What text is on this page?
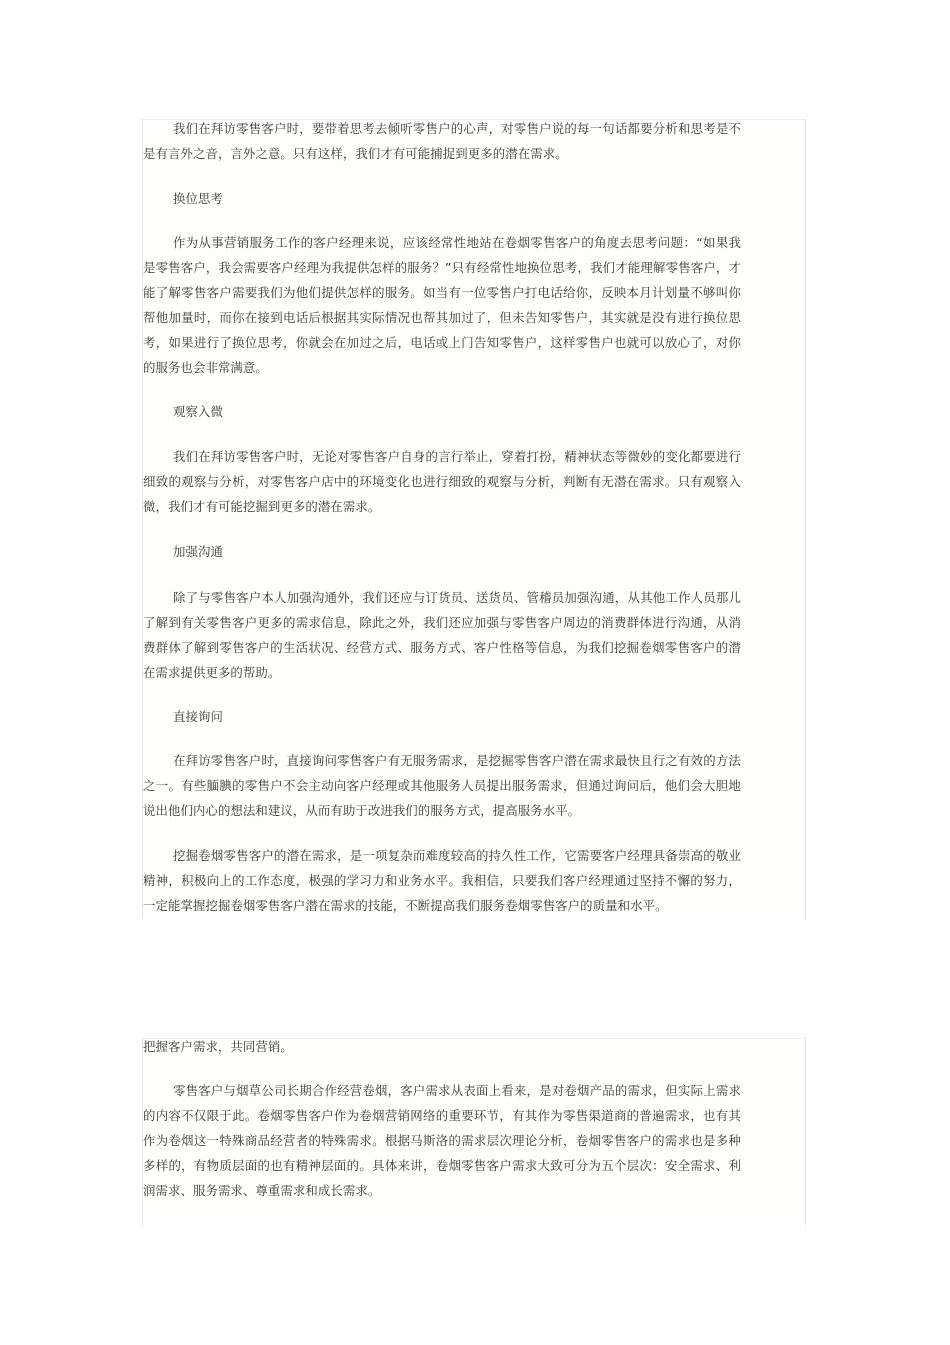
我们在拜访零售客户时，要带着思考去倾听零售户的心声，对零售户说的每一句话都要分析和思考是不是有言外之音，言外之意。只有这样，我们才有可能捕捉到更多的潜在需求。

换位思考

作为从事营销服务工作的客户经理来说，应该经常性地站在卷烟零售客户的角度去思考问题：“如果我是零售客户，我会需要客户经理为我提供怎样的服务？”只有经常性地换位思考，我们才能理解零售客户，才能了解零售客户需要我们为他们提供怎样的服务。如当有一位零售户打电话给你，反映本月计划量不够叫你帮他加量时，而你在接到电话后根据其实际情况也帮其加过了，但未告知零售户，其实就是没有进行换位思考，如果进行了换位思考，你就会在加过之后，电话或上门告知零售户，这样零售户也就可以放心了，对你的服务也会非常满意。

观察入微

我们在拜访零售客户时，无论对零售客户自身的言行举止，穿着打扮，精神状态等微妙的变化都要进行细致的观察与分析，对零售客户店中的环境变化也进行细致的观察与分析，判断有无潜在需求。只有观察入微，我们才有可能挖掘到更多的潜在需求。

加强沟通

除了与零售客户本人加强沟通外，我们还应与订货员、送货员、管稽员加强沟通，从其他工作人员那儿了解到有关零售客户更多的需求信息，除此之外，我们还应加强与零售客户周边的消费群体进行沟通，从消费群体了解到零售客户的生活状况、经营方式、服务方式、客户性格等信息，为我们挖掘卷烟零售客户的潜在需求提供更多的帮助。

直接询问

在拜访零售客户时，直接询问零售客户有无服务需求，是挖掘零售客户潜在需求最快且行之有效的方法之一。有些腼腆的零售户不会主动向客户经理或其他服务人员提出服务需求，但通过询问后，他们会大胆地说出他们内心的想法和建议，从而有助于改进我们的服务方式，提高服务水平。

挖掘卷烟零售客户的潜在需求，是一项复杂而难度较高的持久性工作，它需要客户经理具备崇高的敬业精神，积极向上的工作态度，极强的学习力和业务水平。我相信，只要我们客户经理通过坚持不懈的努力，一定能掌握挖掘卷烟零售客户潜在需求的技能，不断提高我们服务卷烟零售客户的质量和水平。

把握客户需求，共同营销。

零售客户与烟草公司长期合作经营卷烟，客户需求从表面上看来，是对卷烟产品的需求，但实际上需求的内容不仅限于此。卷烟零售客户作为卷烟营销网络的重要环节，有其作为零售渠道商的普遍需求，也有其作为卷烟这一特殊商品经营者的特殊需求。根据马斯洛的需求层次理论分析，卷烟零售客户的需求也是多种多样的，有物质层面的也有精神层面的。具体来讲，卷烟零售客户需求大致可分为五个层次：安全需求、利润需求、服务需求、尊重需求和成长需求。
